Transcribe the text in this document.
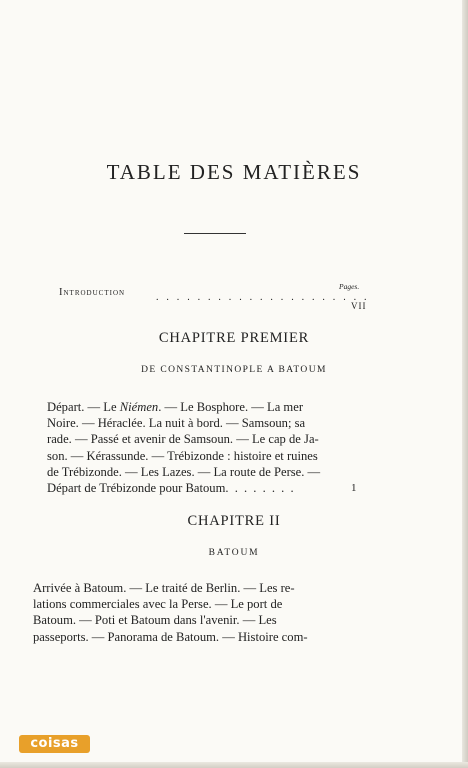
TABLE DES MATIÈRES
Introduction	. . . . . . . . . . . . . . . . . . . . .
Pages.
VII
CHAPITRE PREMIER
DE CONSTANTINOPLE A BATOUM
Départ. — Le Niémen. — Le Bosphore. — La mer
Noire. — Héraclée. La nuit à bord. — Samsoun; sa
rade. — Passé et avenir de Samsoun. — Le cap de Ja-
son. — Kérassunde. — Trébizonde : histoire et ruines
de Trébizonde. — Les Lazes. — La route de Perse. —
Départ de Trébizonde pour Batoum . . . . . . . .	1
CHAPITRE II
BATOUM
Arrivée à Batoum. — Le traité de Berlin. — Les re-
lations commerciales avec la Perse. — Le port de
Batoum. — Poti et Batoum dans l'avenir. — Les
passeports. — Panorama de Batoum. — Histoire com-
coisas
